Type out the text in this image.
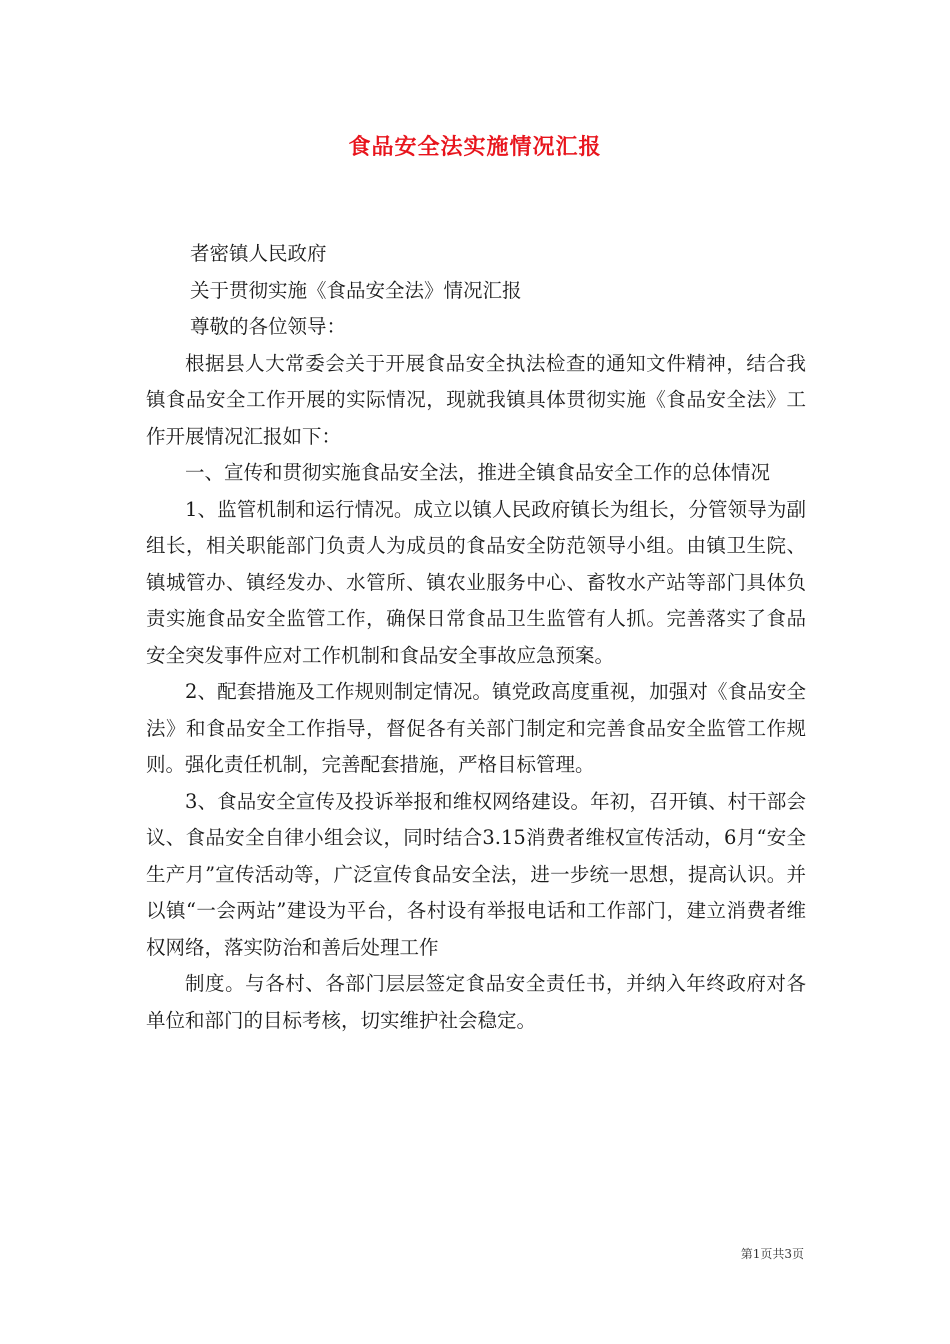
食品安全法实施情况汇报

者密镇人民政府

关于贯彻实施《食品安全法》情况汇报

尊敬的各位领导：

根据县人大常委会关于开展食品安全执法检查的通知文件精神，结合我镇食品安全工作开展的实际情况，现就我镇具体贯彻实施《食品安全法》工作开展情况汇报如下：

一、宣传和贯彻实施食品安全法，推进全镇食品安全工作的总体情况

1、监管机制和运行情况。成立以镇人民政府镇长为组长，分管领导为副组长，相关职能部门负责人为成员的食品安全防范领导小组。由镇卫生院、镇城管办、镇经发办、水管所、镇农业服务中心、畜牧水产站等部门具体负责实施食品安全监管工作，确保日常食品卫生监管有人抓。完善落实了食品安全突发事件应对工作机制和食品安全事故应急预案。

2、配套措施及工作规则制定情况。镇党政高度重视，加强对《食品安全法》和食品安全工作指导，督促各有关部门制定和完善食品安全监管工作规则。强化责任机制，完善配套措施，严格目标管理。

3、食品安全宣传及投诉举报和维权网络建设。年初，召开镇、村干部会议、食品安全自律小组会议，同时结合3.15消费者维权宣传活动，6月“安全生产月”宣传活动等，广泛宣传食品安全法，进一步统一思想，提高认识。并以镇“一会两站”建设为平台，各村设有举报电话和工作部门，建立消费者维权网络，落实防治和善后处理工作

制度。与各村、各部门层层签定食品安全责任书，并纳入年终政府对各单位和部门的目标考核，切实维护社会稳定。

第1页共3页
